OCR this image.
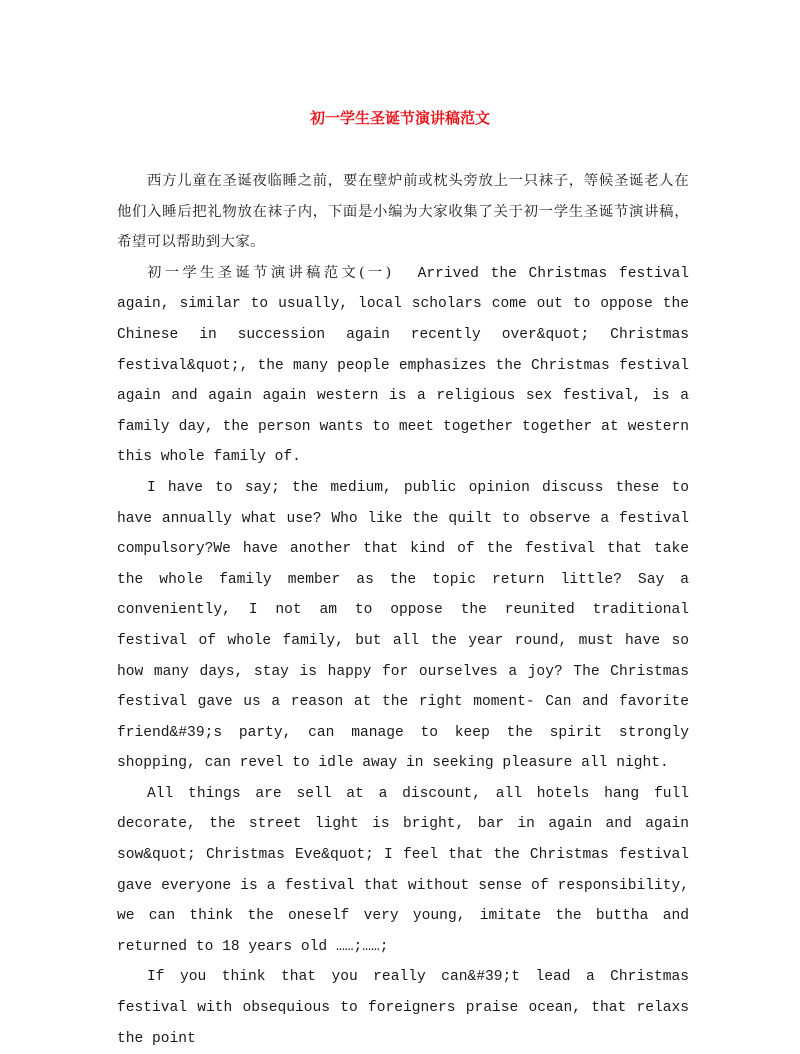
初一学生圣诞节演讲稿范文

西方儿童在圣诞夜临睡之前，要在壁炉前或枕头旁放上一只袜子，等候圣诞老人在他们入睡后把礼物放在袜子内，下面是小编为大家收集了关于初一学生圣诞节演讲稿，希望可以帮助到大家。

初一学生圣诞节演讲稿范文(一) Arrived the Christmas festival again, similar to usually, local scholars come out to oppose the Chinese in succession again recently over&quot; Christmas festival&quot;, the many people emphasizes the Christmas festival again and again again western is a religious sex festival, is a family day, the person wants to meet together together at western this whole family of.

I have to say; the medium, public opinion discuss these to have annually what use? Who like the quilt to observe a festival compulsory?We have another that kind of the festival that take the whole family member as the topic return little? Say a conveniently, I not am to oppose the reunited traditional festival of whole family, but all the year round, must have so how many days, stay is happy for ourselves a joy? The Christmas festival gave us a reason at the right moment- Can and favorite friend&#39;s party, can manage to keep the spirit strongly shopping, can revel to idle away in seeking pleasure all night.

All things are sell at a discount, all hotels hang full decorate, the street light is bright, bar in again and again sow&quot; Christmas Eve&quot; I feel that the Christmas festival gave everyone is a festival that without sense of responsibility, we can think the oneself very young, imitate the buttha and returned to 18 years old ……;……;

If you think that you really can&#39;t lead a Christmas festival with obsequious to foreigners praise ocean, that relaxs the point
